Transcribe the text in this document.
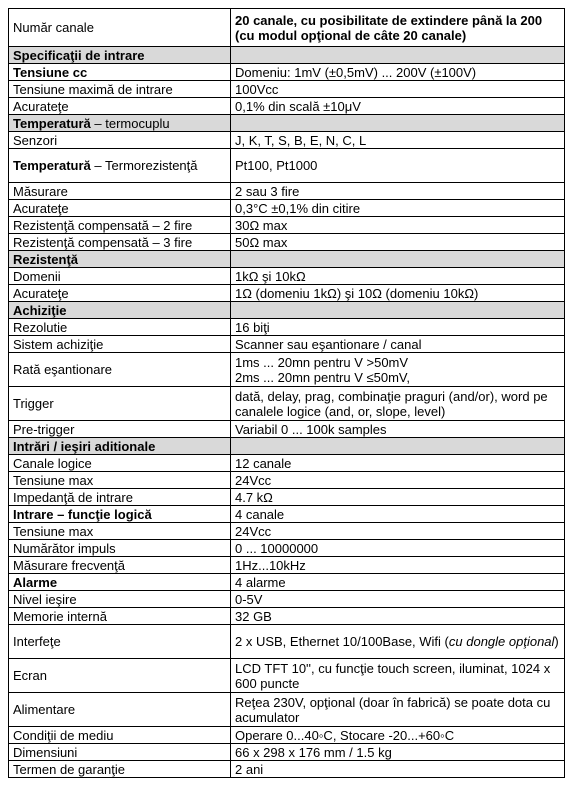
Număr canale	20 canale, cu posibilitate de extindere până la 200 (cu modul opţional de câte 20 canale)
Specificaţii de intrare	
Tensiune cc	Domeniu: 1mV (±0,5mV) ... 200V (±100V)
Tensiune maximă de intrare	100Vcc
Acurateţe	0,1% din scală ±10μV
Temperatură – termocuplu	
Senzori	J, K, T, S, B, E, N, C, L
Temperatură – Termorezistenţă	Pt100, Pt1000
Măsurare	2 sau 3 fire
Acurateţe	0,3°C ±0,1% din citire
Rezistenţă compensată – 2 fire	30Ω max
Rezistenţă compensată – 3 fire	50Ω max
Rezistenţă	
Domenii	1kΩ şi 10kΩ
Acurateţe	1Ω (domeniu 1kΩ) şi 10Ω (domeniu 10kΩ)
Achiziţie	
Rezolutie	16 biţi
Sistem achiziţie	Scanner sau eşantionare / canal
Rată eşantionare	1ms ... 20mn pentru V >50mV
2ms ... 20mn pentru V ≤50mV,
Trigger	dată, delay, prag, combinaţie praguri (and/or), word pe canalele logice (and, or, slope, level)
Pre-trigger	Variabil 0 ... 100k samples
Intrări / ieşiri aditionale	
Canale logice	12 canale
Tensiune max	24Vcc
Impedanţă de intrare	4.7 kΩ
Intrare – funcţie logică	4 canale
Tensiune max	24Vcc
Numărător impuls	0 ... 10000000
Măsurare frecvenţă	1Hz...10kHz
Alarme	4 alarme
Nivel ieşire	0-5V
Memorie internă	32 GB
Interfeţe	2 x USB, Ethernet 10/100Base, Wifi (cu dongle opţional)
Ecran	LCD TFT 10'', cu funcţie touch screen, iluminat, 1024 x 600 puncte
Alimentare	Reţea 230V, opţional (doar în fabrică) se poate dota cu acumulator
Condiţii de mediu	Operare 0...40◦C, Stocare -20...+60◦C
Dimensiuni	66 x 298 x 176 mm / 1.5 kg
Termen de garanţie	2 ani
